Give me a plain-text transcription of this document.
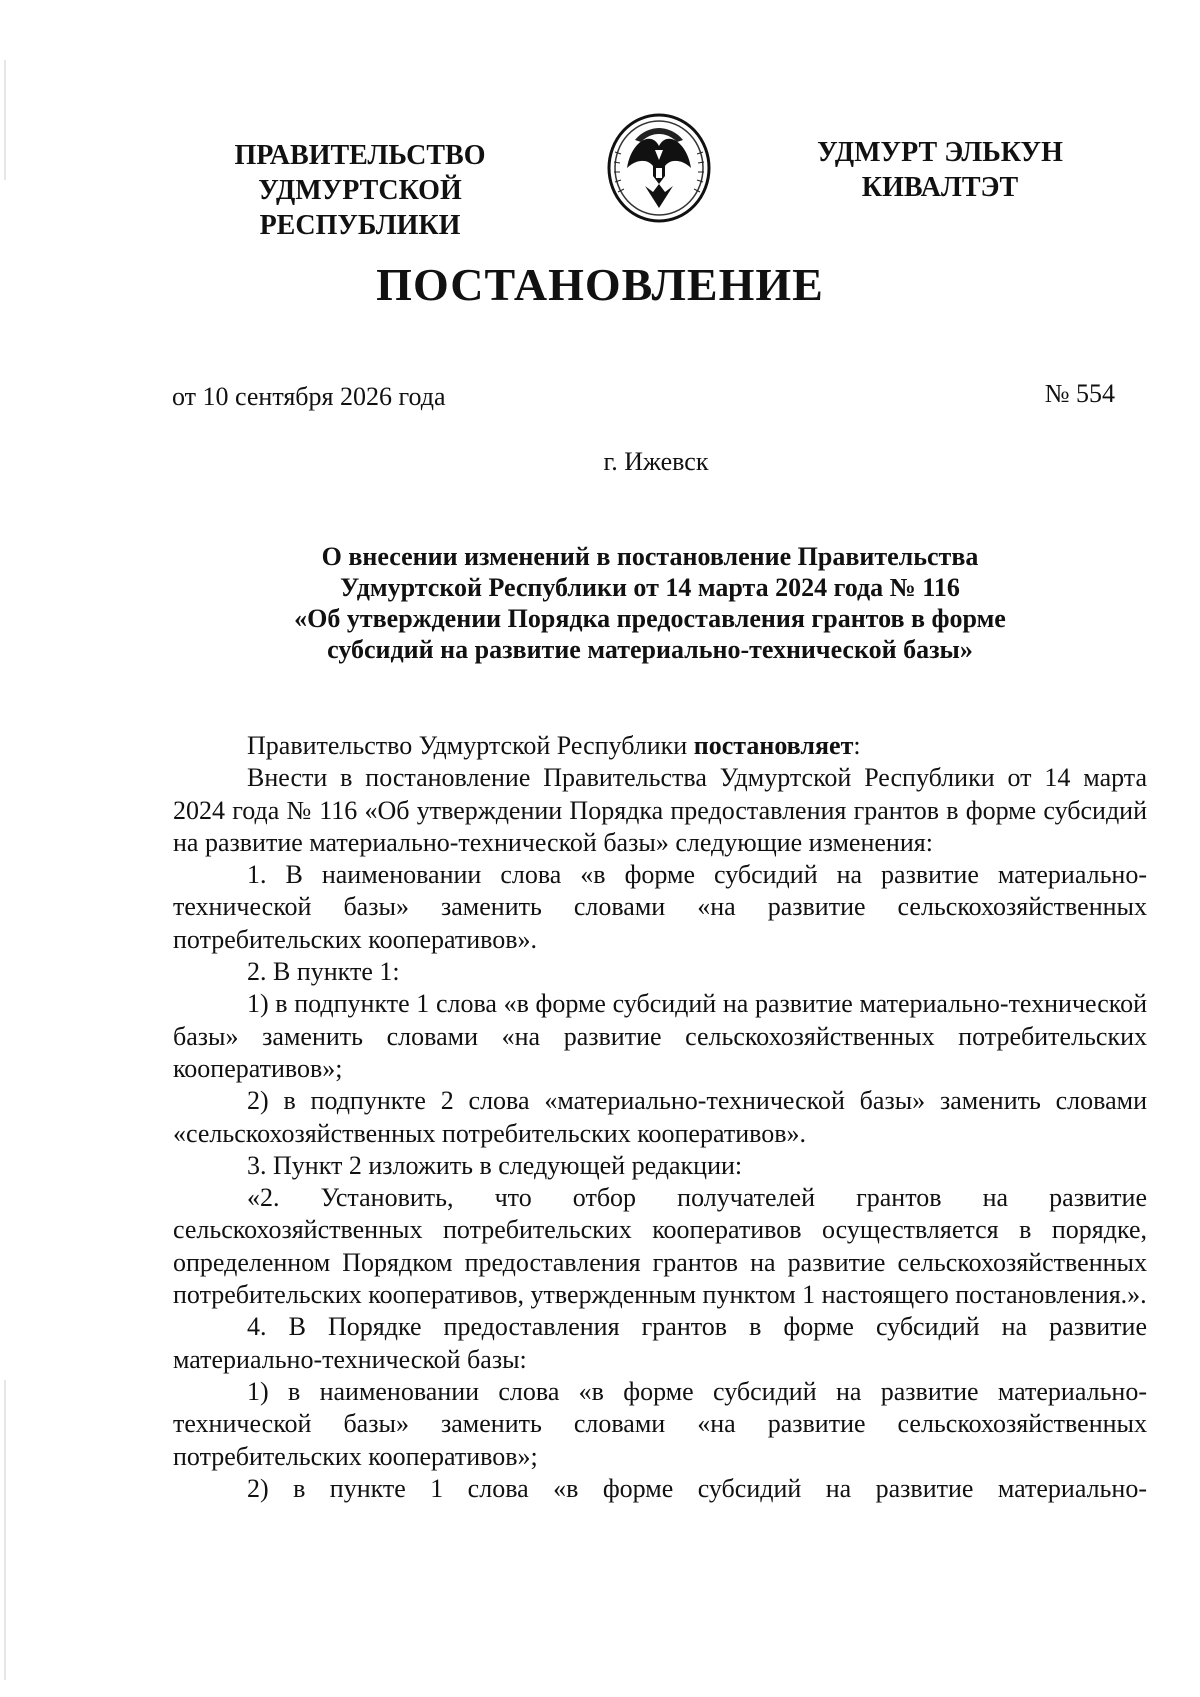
ПРАВИТЕЛЬСТВО
УДМУРТСКОЙ РЕСПУБЛИКИ
УДМУРТ ЭЛЬКУН
КИВАЛТЭТ
ПОСТАНОВЛЕНИЕ
от 10 сентября 2026 года	№ 554
г. Ижевск
О внесении изменений в постановление Правительства
Удмуртской Республики от 14 марта 2024 года № 116
«Об утверждении Порядка предоставления грантов в форме
субсидий на развитие материально-технической базы»

Правительство Удмуртской Республики постановляет:

Внести в постановление Правительства Удмуртской Республики от 14 марта 2024 года № 116 «Об утверждении Порядка предоставления грантов в форме субсидий на развитие материально-технической базы» следующие изменения:

1. В наименовании слова «в форме субсидий на развитие материально-технической базы» заменить словами «на развитие сельскохозяйственных потребительских кооперативов».

2. В пункте 1:

1) в подпункте 1 слова «в форме субсидий на развитие материально-технической базы» заменить словами «на развитие сельскохозяйственных потребительских кооперативов»;

2) в подпункте 2 слова «материально-технической базы» заменить словами «сельскохозяйственных потребительских кооперативов».

3. Пункт 2 изложить в следующей редакции:

«2. Установить, что отбор получателей грантов на развитие сельскохозяйственных потребительских кооперативов осуществляется в порядке, определенном Порядком предоставления грантов на развитие сельскохозяйственных потребительских кооперативов, утвержденным пунктом 1 настоящего постановления.».

4. В Порядке предоставления грантов в форме субсидий на развитие материально-технической базы:

1) в наименовании слова «в форме субсидий на развитие материально-технической базы» заменить словами «на развитие сельскохозяйственных потребительских кооперативов»;

2) в пункте 1 слова «в форме субсидий на развитие материально-
